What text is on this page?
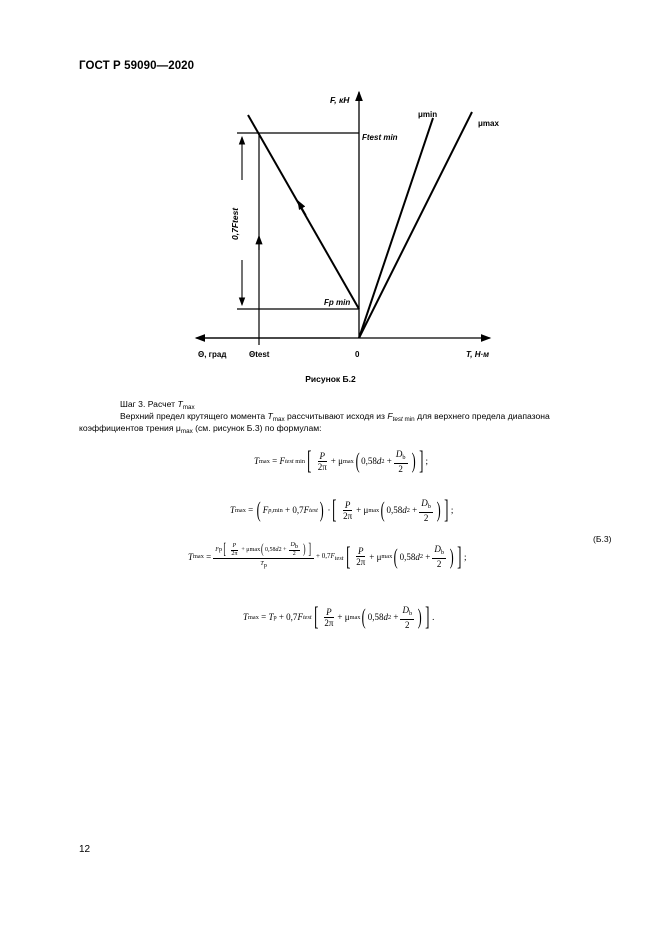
ГОСТ Р 59090—2020
F, кН
μmin
μmax
Ftest min
Fp min
0,7Ftest
Θ, град	Θtest	0	T, Н·м
Рисунок Б.2
Шаг 3. Расчет $T_{max}$
Верхний предел крутящего момента $T_{max}$ рассчитывают исходя из $F_{test min}$ для верхнего предела диапазона
коэффициентов трения $\mu_{max}$ (см. рисунок Б.3) по формулам:
T max = F test min [ $\frac{P}{2\pi} + \mu$ max ( 0,58 d $2 + \frac{D_b}{2}$ ) ] ;
T max = ( F p,min + 0,7 F test ) · [ $\frac{P}{2\pi} + \mu$ max ( 0,58 d $2 + \frac{D_b}{2}$ ) ] ;
(Б.3)
T max =
F p [ $\frac{P}{2\pi} + \mu$ max ( 0,58 d $2 + \frac{Db}{2}$ ) ]
Tp
+ 0,7Ftest [ $\frac{P}{2\pi} + \mu$ max ( 0,58 d $2 + \frac{D_b}{2}$ ) ] ;
T max = T p + 0,7 F test [ $\frac{P}{2\pi} + \mu$ max ( 0,58 d $2 + \frac{D_b}{2}$ ) ] .
12
